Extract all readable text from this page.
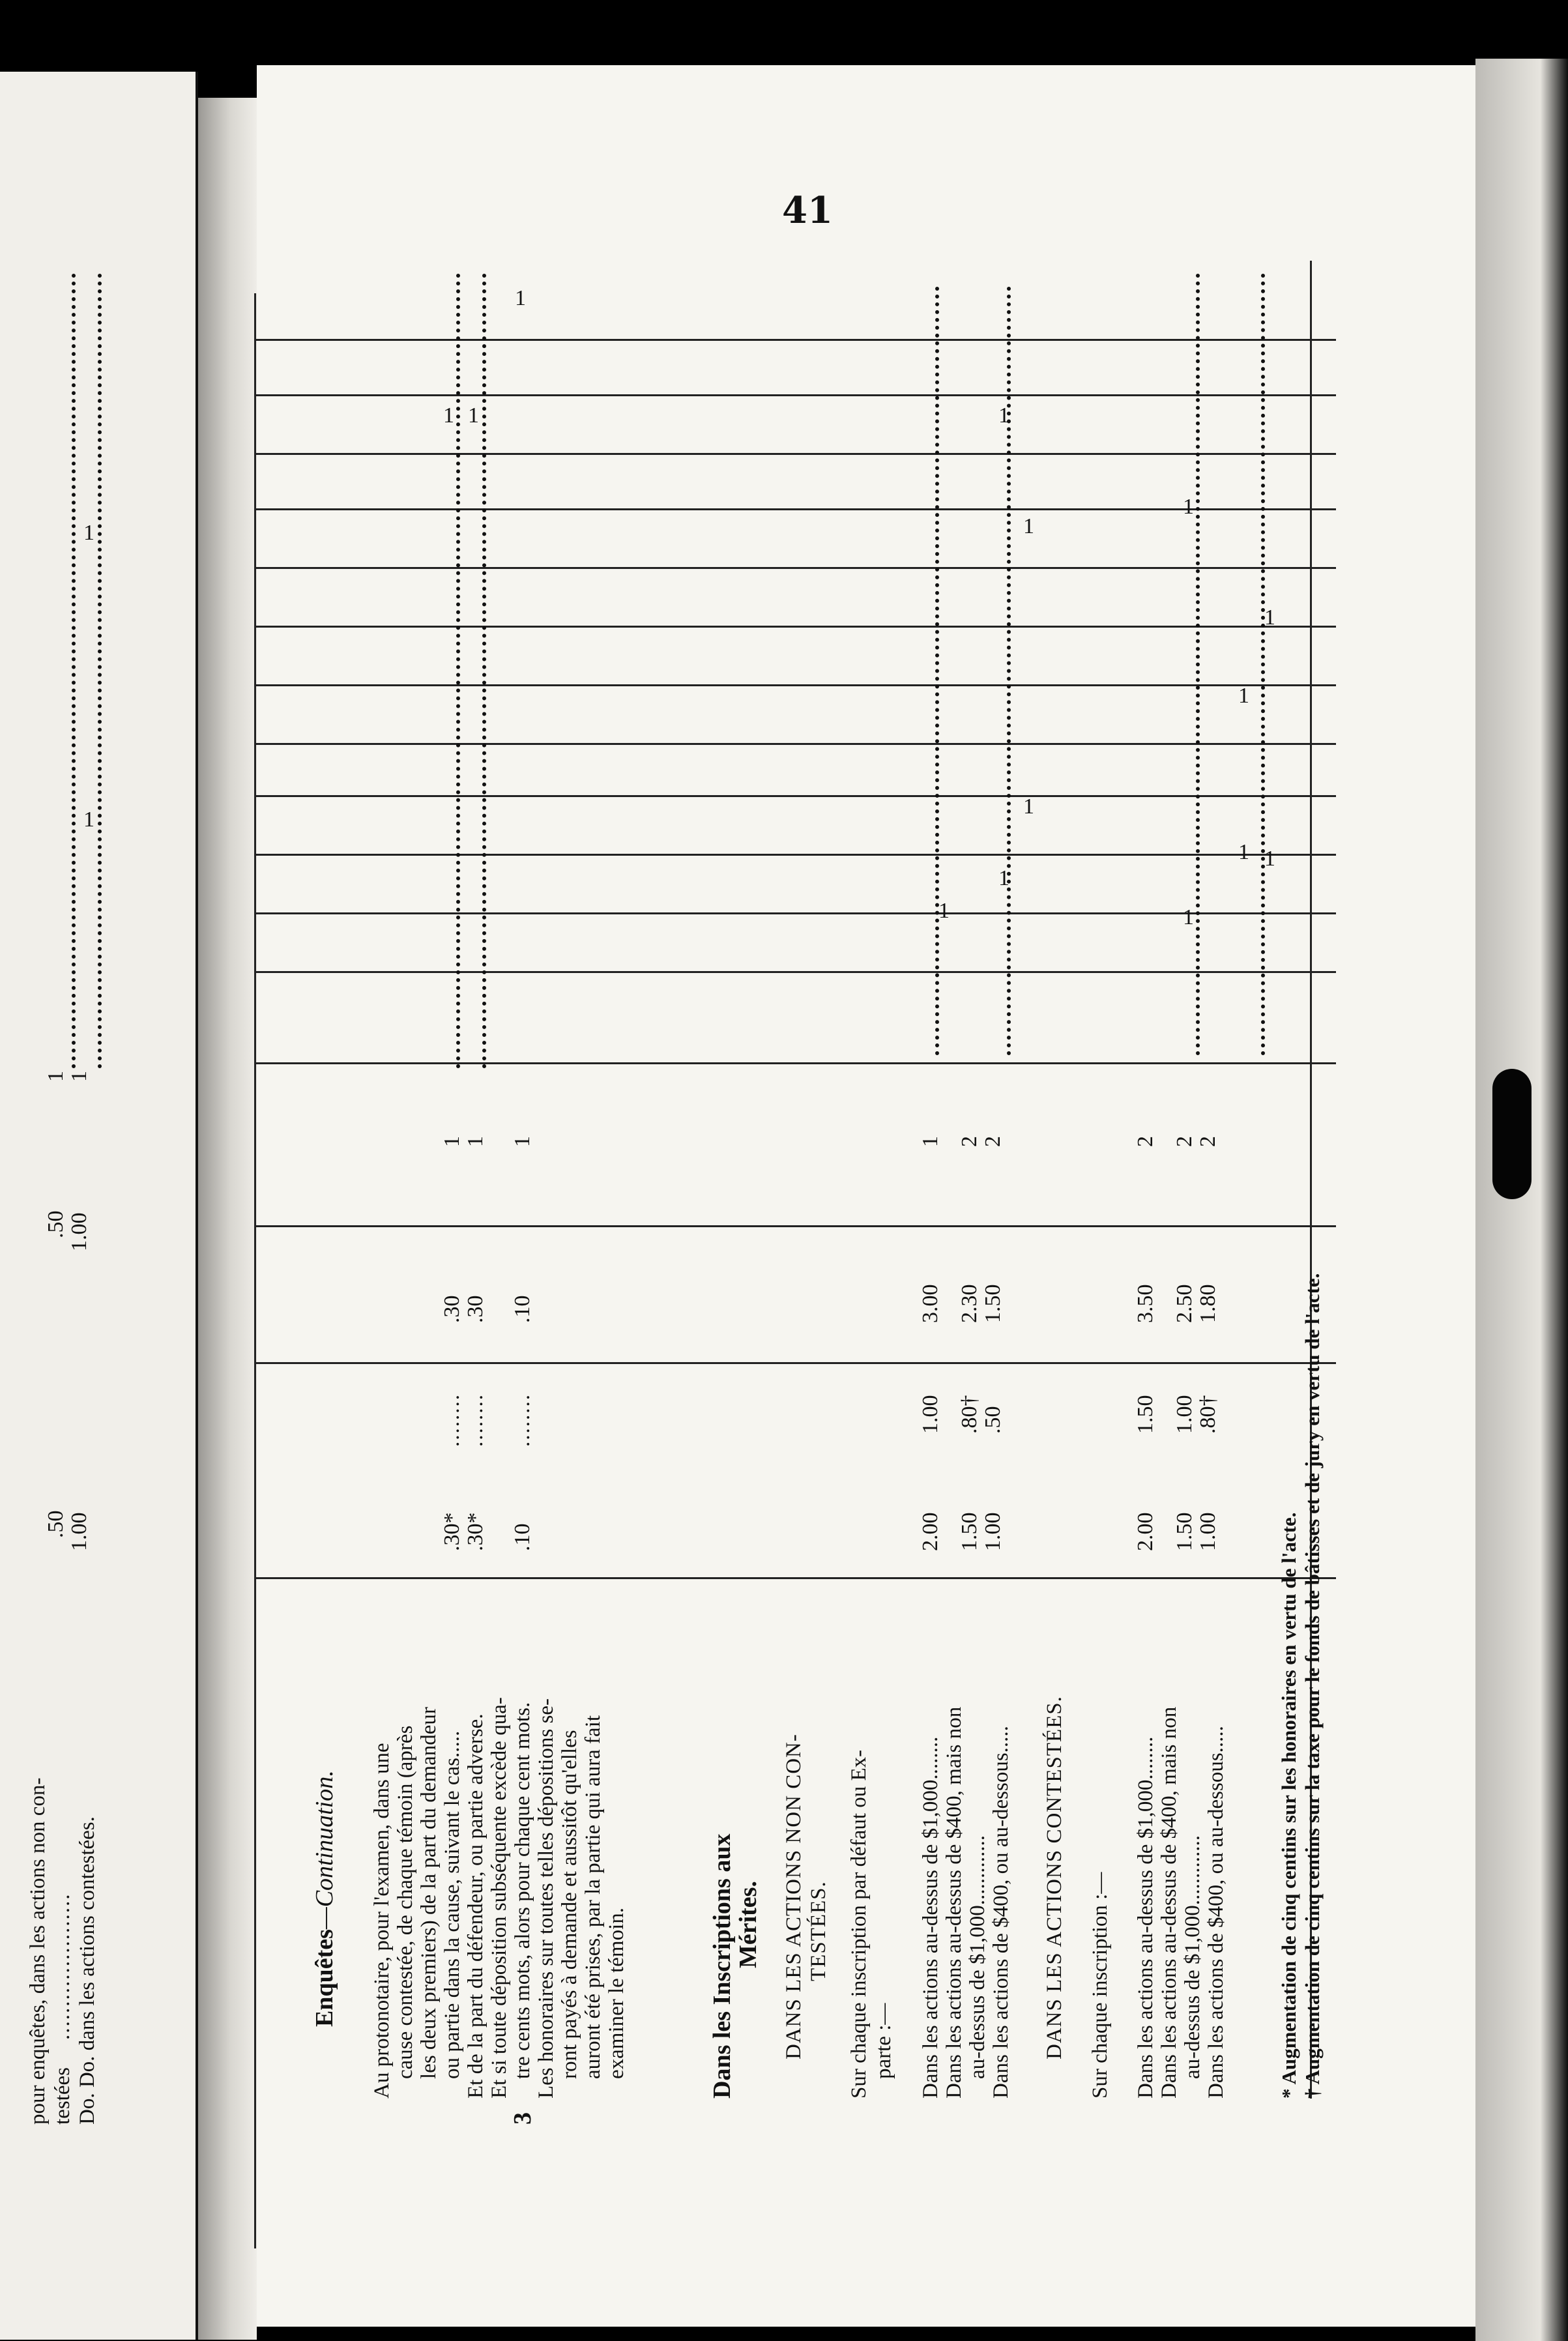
41
pour enquêtes, dans les actions non con- testées
...................... Do. Do. dans les actions contestées.
.50 1.00
.50 1.00
1 1
Enquêtes—Continuation. Au protonotaire, pour l'examen, dans une cause contestée, de chaque témoin (après les deux premiers) de la part du demandeur ou partie dans la cause, suivant le cas..... Et de la part du défendeur, ou partie adverse. Et si toute déposition subséquente excède qua- tre cents mots, alors pour chaque cent mots. Les honoraires sur toutes telles dépositions se- ront payés à demande et aussitôt qu'elles auront été prises, par la partie qui aura fait examiner le témoin.
.30* .30* .10
........ ........ ........
.30 .30 .10
1 1 1
3
Dans les Inscriptions aux
Mérites. DANS LES ACTIONS NON CON- TESTÉES. Sur chaque inscription par défaut ou Ex- parte :— Dans les actions au-dessus de $1,000........ Dans les actions au-dessus de $400, mais non au-dessus de $1,000............. Dans les actions de $400, ou au-dessous.....
2.00 1.50 1.00
1.00 .80† .50
3.00 2.30 1.50
1 2 2
DANS LES ACTIONS CONTESTÉES. Sur chaque inscription :— Dans les actions au-dessus de $1,000........ Dans les actions au-dessus de $400, mais non au-dessus de $1,000............. Dans les actions de $400, ou au-dessous.....
2.00 1.50 1.00
1.50 1.00 .80†
3.50 2.50 1.80
2 2 2
* Augmentation de cinq centins sur les honoraires en vertu de l'acte. † Augmentation de cinq centins sur la taxe pour le fonds de bâtisses et de jury en vertu de l'acte.
1
1
1 1
1
1
1
1
1
1
1
1
1
1
1
1
